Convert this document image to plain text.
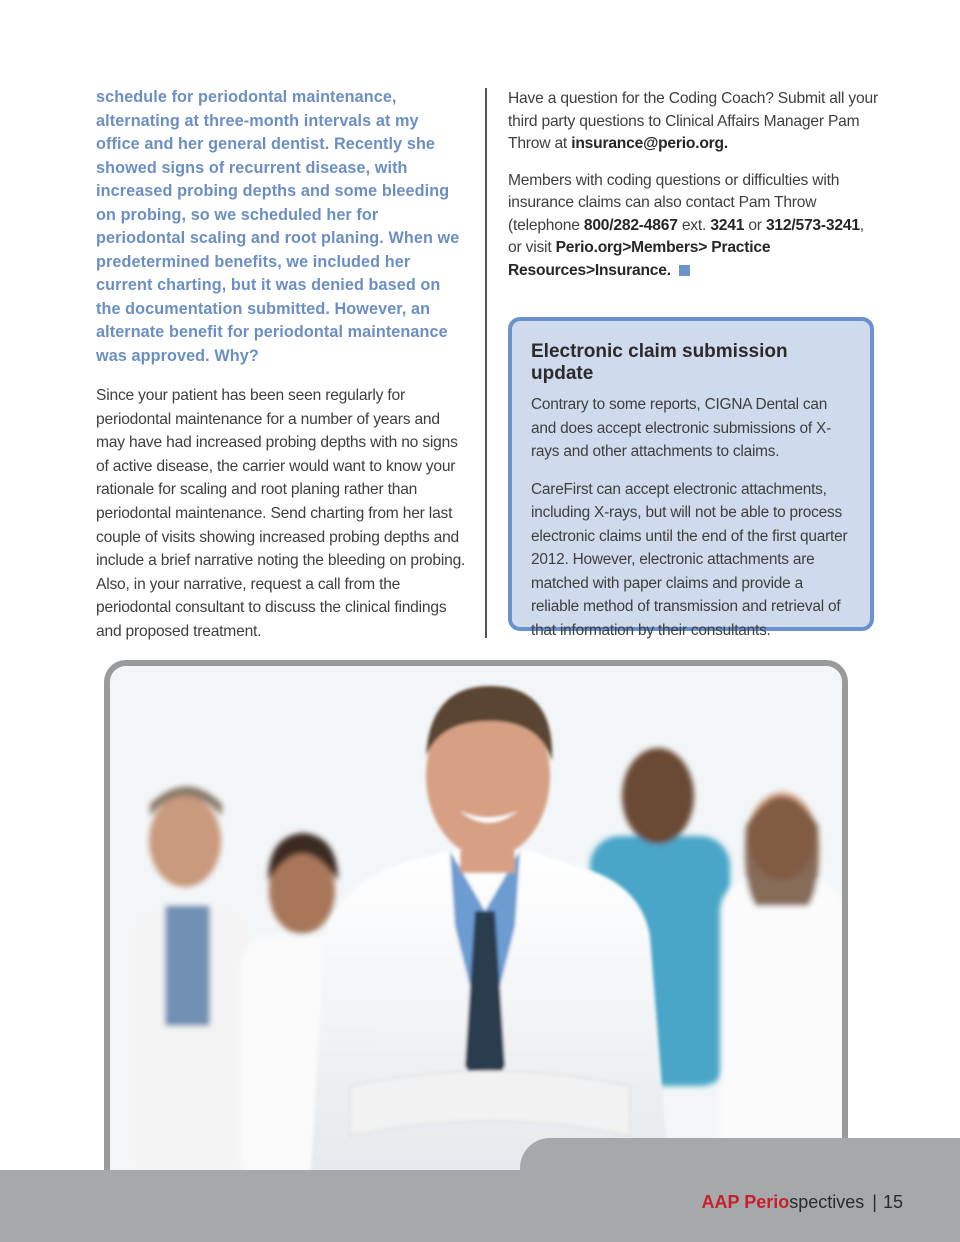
schedule for periodontal maintenance, alternating at three-month intervals at my office and her general dentist. Recently she showed signs of recurrent disease, with increased probing depths and some bleeding on probing, so we scheduled her for periodontal scaling and root planing. When we predetermined benefits, we included her current charting, but it was denied based on the documentation submitted. However, an alternate benefit for periodontal maintenance was approved. Why?

Since your patient has been seen regularly for periodontal maintenance for a number of years and may have had increased probing depths with no signs of active disease, the carrier would want to know your rationale for scaling and root planing rather than periodontal maintenance. Send charting from her last couple of visits showing increased probing depths and include a brief narrative noting the bleeding on probing. Also, in your narrative, request a call from the periodontal consultant to discuss the clinical findings and proposed treatment.

Have a question for the Coding Coach? Submit all your third party questions to Clinical Affairs Manager Pam Throw at insurance@perio.org.

Members with coding questions or difficulties with insurance claims can also contact Pam Throw (telephone 800/282-4867 ext. 3241 or 312/573-3241, or visit Perio.org>Members> Practice Resources>Insurance.

Electronic claim submission update

Contrary to some reports, CIGNA Dental can and does accept electronic submissions of X-rays and other attachments to claims.

CareFirst can accept electronic attachments, including X-rays, but will not be able to process electronic claims until the end of the first quarter 2012. However, electronic attachments are matched with paper claims and provide a reliable method of transmission and retrieval of that information by their consultants.

AAP Periospectives | 15
